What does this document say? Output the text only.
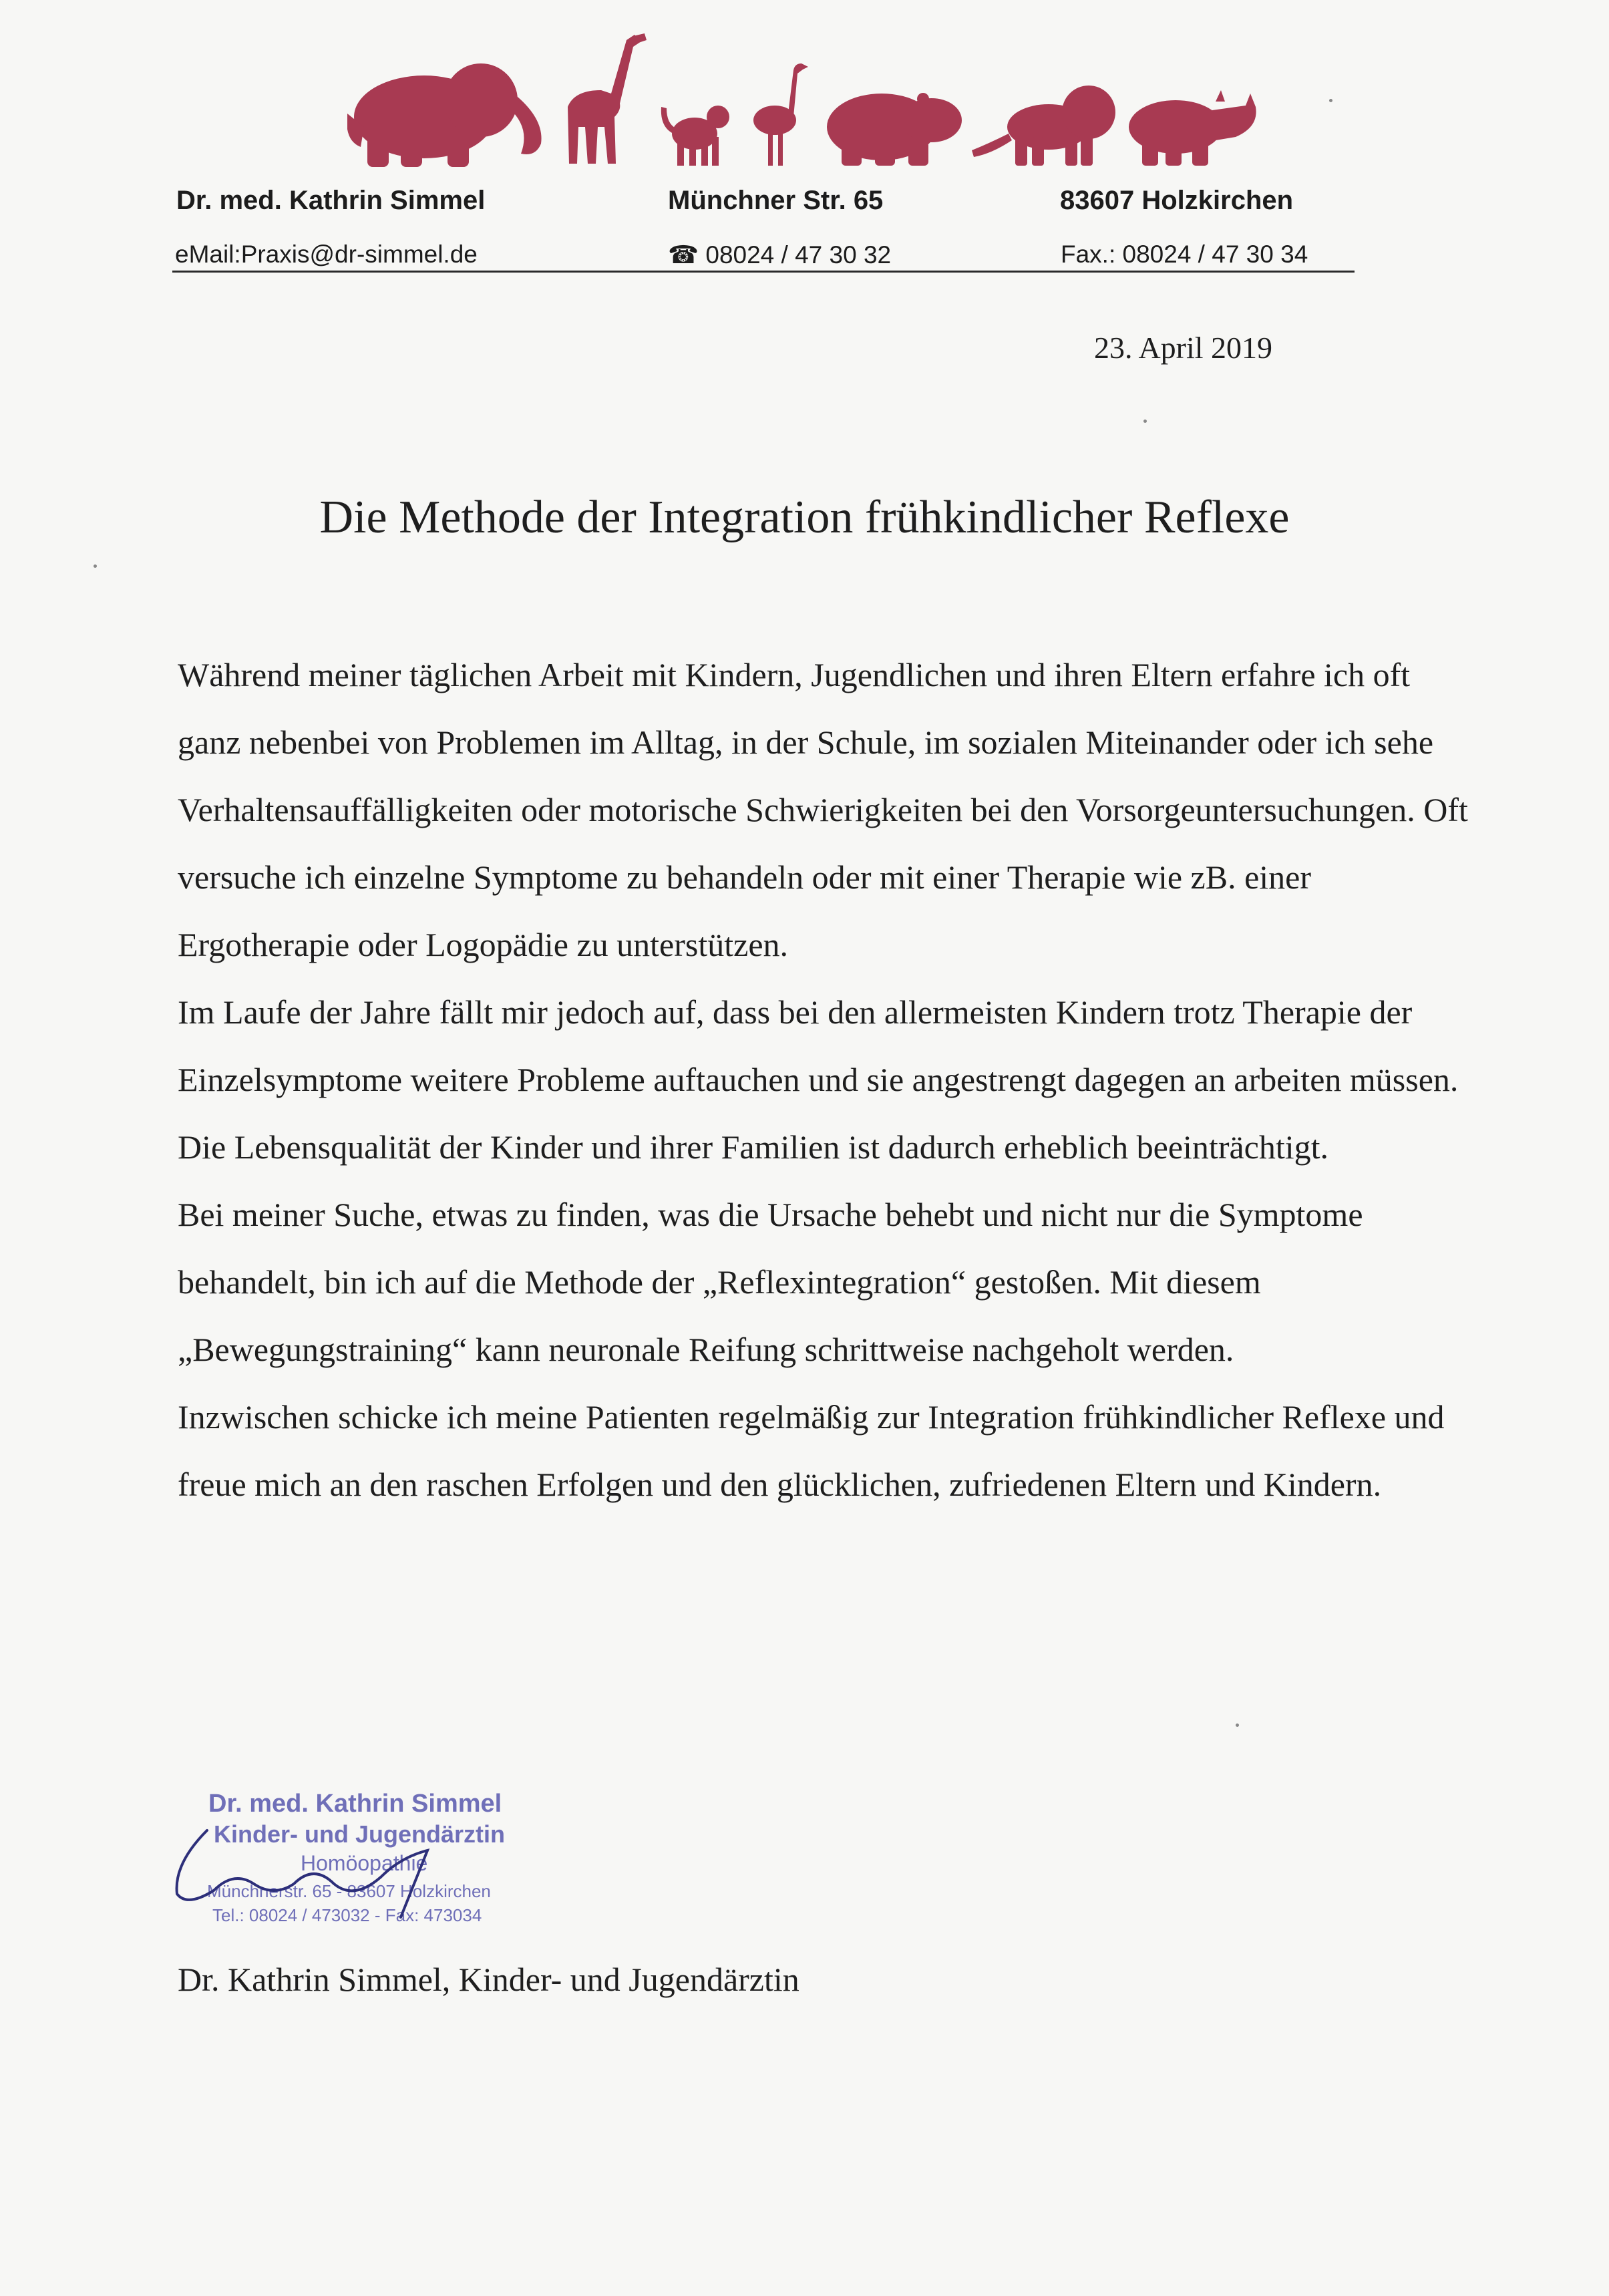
Dr. med. Kathrin Simmel	Münchner Str. 65	83607 Holzkirchen
eMail:Praxis@dr-simmel.de	☎ 08024 / 47 30 32	Fax.: 08024 / 47 30 34
23. April 2019
Die Methode der Integration frühkindlicher Reflexe

Während meiner täglichen Arbeit mit Kindern, Jugendlichen und ihren Eltern erfahre ich oft ganz nebenbei von Problemen im Alltag, in der Schule, im sozialen Miteinander oder ich sehe Verhaltensauffälligkeiten oder motorische Schwierigkeiten bei den Vorsorgeuntersuchungen. Oft versuche ich einzelne Symptome zu behandeln oder mit einer Therapie wie zB. einer Ergotherapie oder Logopädie zu unterstützen.

Im Laufe der Jahre fällt mir jedoch auf, dass bei den allermeisten Kindern trotz Therapie der Einzelsymptome weitere Probleme auftauchen und sie angestrengt dagegen an arbeiten müssen. Die Lebensqualität der Kinder und ihrer Familien ist dadurch erheblich beeinträchtigt.

Bei meiner Suche, etwas zu finden, was die Ursache behebt und nicht nur die Symptome behandelt, bin ich auf die Methode der „Reflexintegration“ gestoßen. Mit diesem „Bewegungstraining“ kann neuronale Reifung schrittweise nachgeholt werden.

Inzwischen schicke ich meine Patienten regelmäßig zur Integration frühkindlicher Reflexe und freue mich an den raschen Erfolgen und den glücklichen, zufriedenen Eltern und Kindern.

Dr. med. Kathrin Simmel
Kinder- und Jugendärztin
Homöopathie
Münchnerstr. 65 - 83607 Holzkirchen
Tel.: 08024 / 473032 - Fax: 473034
Dr. Kathrin Simmel, Kinder- und Jugendärztin
